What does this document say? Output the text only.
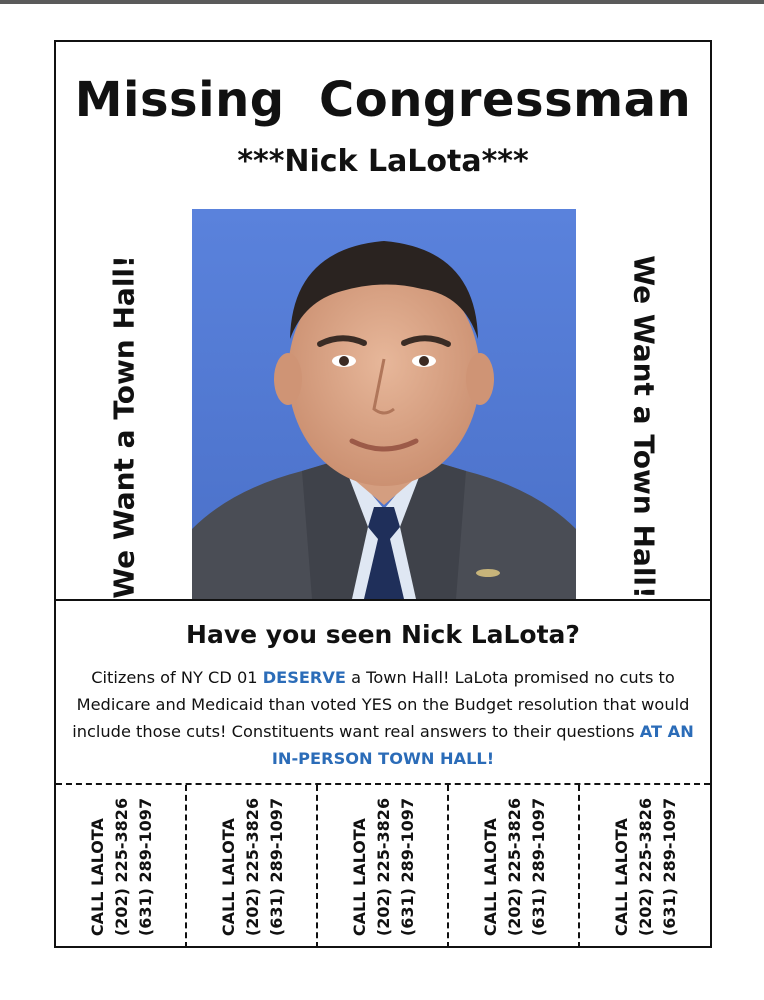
Missing  Congressman
***Nick LaLota***
We Want a Town Hall!	We Want a Town Hall!
Have you seen Nick LaLota?
Citizens of NY CD 01 DESERVE a Town Hall! LaLota promised no cuts to Medicare and Medicaid than voted YES on the Budget resolution that would include those cuts! Constituents want real answers to their questions AT AN IN-PERSON TOWN HALL!
CALL LALOTA (202) 225-3826 (631) 289-1097	CALL LALOTA (202) 225-3826 (631) 289-1097	CALL LALOTA (202) 225-3826 (631) 289-1097	CALL LALOTA (202) 225-3826 (631) 289-1097	CALL LALOTA (202) 225-3826 (631) 289-1097
